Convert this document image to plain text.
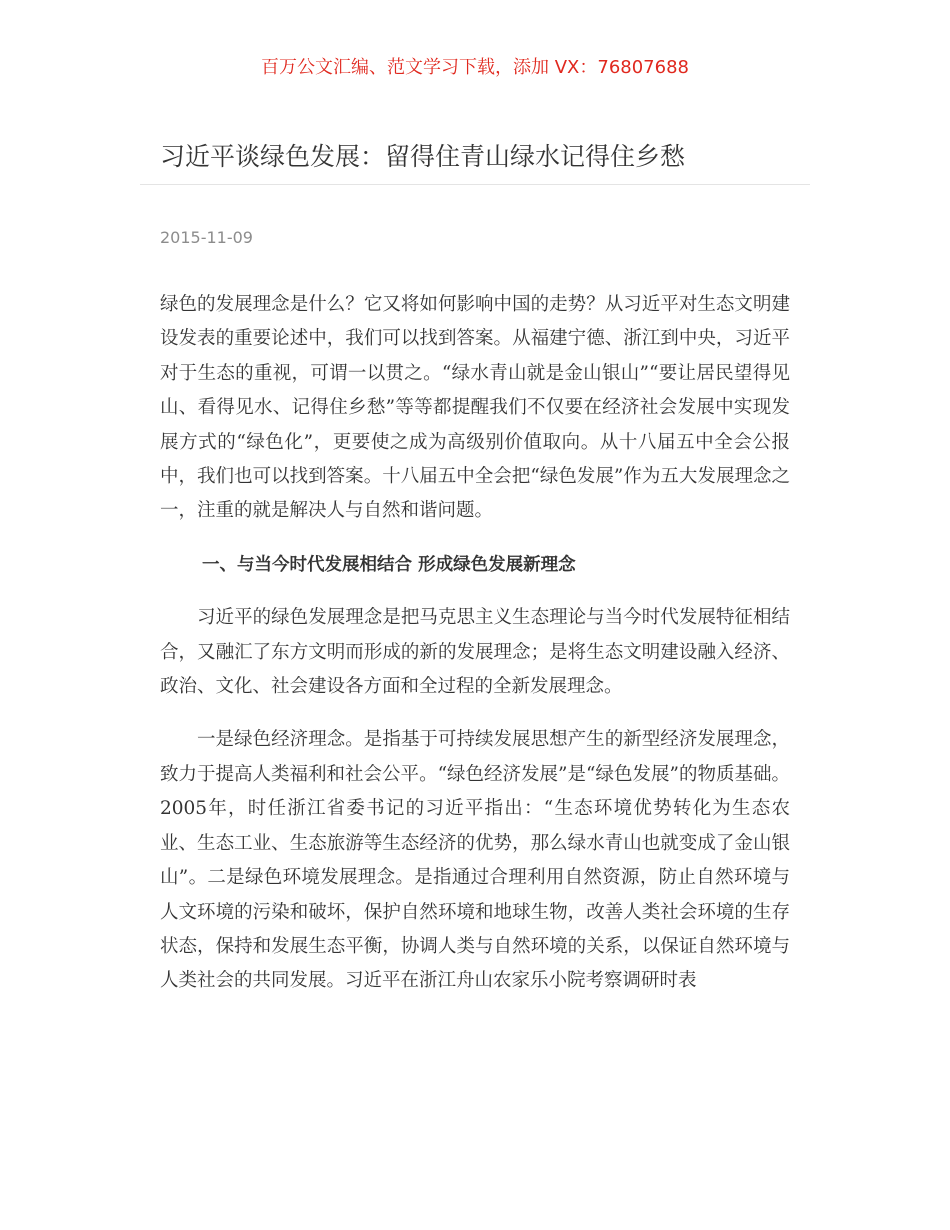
百万公文汇编、范文学习下载，添加 VX：76807688
习近平谈绿色发展：留得住青山绿水记得住乡愁
2015-11-09

绿色的发展理念是什么？它又将如何影响中国的走势？从习近平对生态文明建设发表的重要论述中，我们可以找到答案。从福建宁德、浙江到中央，习近平对于生态的重视，可谓一以贯之。“绿水青山就是金山银山”“要让居民望得见山、看得见水、记得住乡愁”等等都提醒我们不仅要在经济社会发展中实现发展方式的“绿色化”，更要使之成为高级别价值取向。从十八届五中全会公报中，我们也可以找到答案。十八届五中全会把“绿色发展”作为五大发展理念之一，注重的就是解决人与自然和谐问题。

一、与当今时代发展相结合 形成绿色发展新理念

习近平的绿色发展理念是把马克思主义生态理论与当今时代发展特征相结合，又融汇了东方文明而形成的新的发展理念；是将生态文明建设融入经济、政治、文化、社会建设各方面和全过程的全新发展理念。

一是绿色经济理念。是指基于可持续发展思想产生的新型经济发展理念，致力于提高人类福利和社会公平。“绿色经济发展”是“绿色发展”的物质基础。2005年，时任浙江省委书记的习近平指出：“生态环境优势转化为生态农业、生态工业、生态旅游等生态经济的优势，那么绿水青山也就变成了金山银山”。二是绿色环境发展理念。是指通过合理利用自然资源，防止自然环境与人文环境的污染和破坏，保护自然环境和地球生物，改善人类社会环境的生存状态，保持和发展生态平衡，协调人类与自然环境的关系，以保证自然环境与人类社会的共同发展。习近平在浙江舟山农家乐小院考察调研时表
